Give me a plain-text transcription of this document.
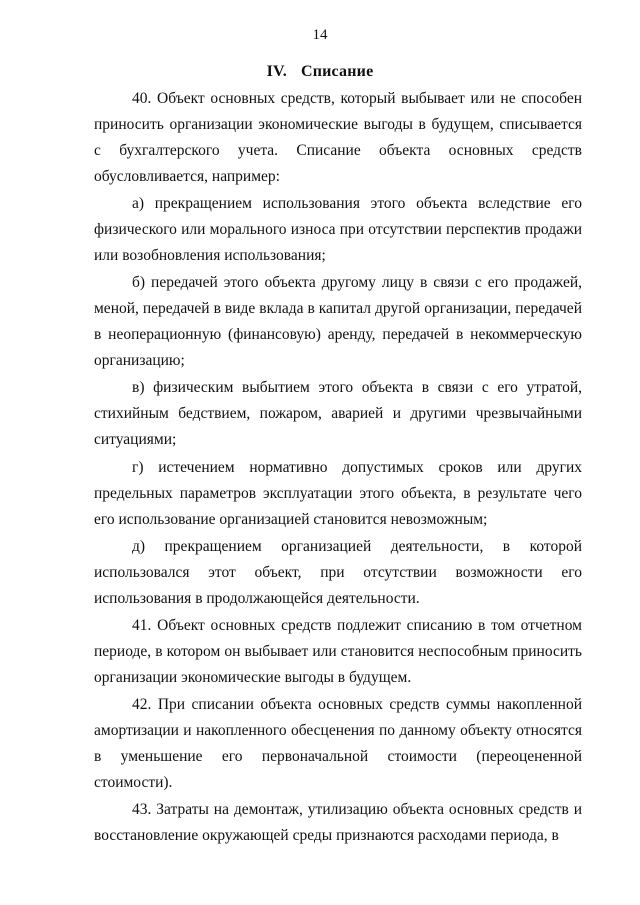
14
IV. Списание

40. Объект основных средств, который выбывает или не способен приносить организации экономические выгоды в будущем, списывается с бухгалтерского учета. Списание объекта основных средств обусловливается, например:

а) прекращением использования этого объекта вследствие его физического или морального износа при отсутствии перспектив продажи или возобновления использования;

б) передачей этого объекта другому лицу в связи с его продажей, меной, передачей в виде вклада в капитал другой организации, передачей в неоперационную (финансовую) аренду, передачей в некоммерческую организацию;

в) физическим выбытием этого объекта в связи с его утратой, стихийным бедствием, пожаром, аварией и другими чрезвычайными ситуациями;

г) истечением нормативно допустимых сроков или других предельных параметров эксплуатации этого объекта, в результате чего его использование организацией становится невозможным;

д) прекращением организацией деятельности, в которой использовался этот объект, при отсутствии возможности его использования в продолжающейся деятельности.

41. Объект основных средств подлежит списанию в том отчетном периоде, в котором он выбывает или становится неспособным приносить организации экономические выгоды в будущем.

42. При списании объекта основных средств суммы накопленной амортизации и накопленного обесценения по данному объекту относятся в уменьшение его первоначальной стоимости (переоцененной стоимости).

43. Затраты на демонтаж, утилизацию объекта основных средств и восстановление окружающей среды признаются расходами периода, в
